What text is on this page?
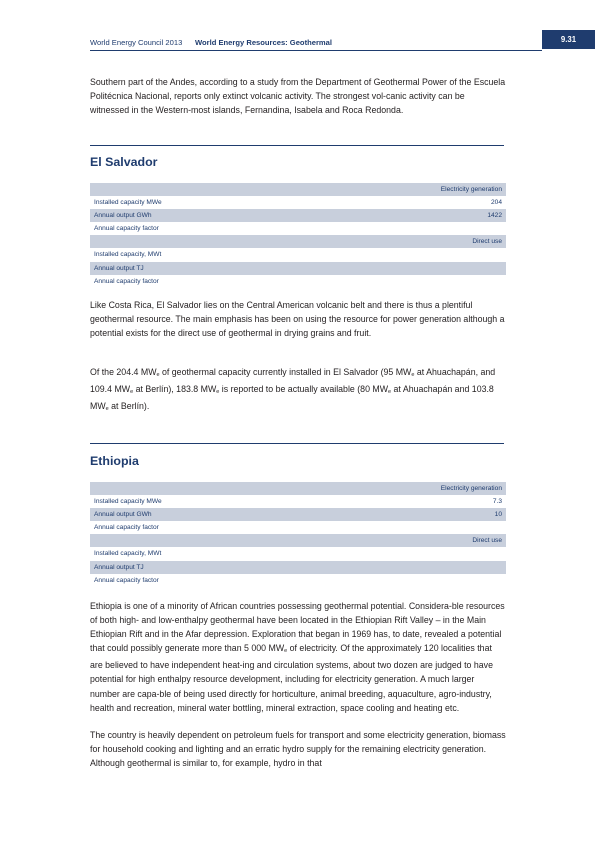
World Energy Council 2013 World Energy Resources: Geothermal	9.31

Southern part of the Andes, according to a study from the Department of Geothermal Power of the Escuela Politécnica Nacional, reports only extinct volcanic activity. The strongest vol-canic activity can be witnessed in the Western-most islands, Fernandina, Isabela and Roca Redonda.

El Salvador
Electricity generation
Installed capacity MWe	204
Annual output GWh	1422
Annual capacity factor
Direct use
Installed capacity, MWt
Annual output TJ
Annual capacity factor

Like Costa Rica, El Salvador lies on the Central American volcanic belt and there is thus a plentiful geothermal resource. The main emphasis has been on using the resource for power generation although a potential exists for the direct use of geothermal in drying grains and fruit.

Of the 204.4 $MW_e$ of geothermal capacity currently installed in El Salvador (95 $MW_e$ at Ahuachapán, and 109.4 $MW_e$ at Berlín), 183.8 $MW_e$ is reported to be actually available (80 $MW_e$ at Ahuachapán and 103.8 $MW_e$ at Berlín).

Ethiopia
Electricity generation
Installed capacity MWe	7.3
Annual output GWh	10
Annual capacity factor
Direct use
Installed capacity, MWt
Annual output TJ
Annual capacity factor

Ethiopia is one of a minority of African countries possessing geothermal potential. Considera-ble resources of both high- and low-enthalpy geothermal have been located in the Ethiopian Rift Valley – in the Main Ethiopian Rift and in the Afar depression. Exploration that began in 1969 has, to date, revealed a potential that could possibly generate more than 5 000 $MW_e$ of electricity. Of the approximately 120 localities that are believed to have independent heat-ing and circulation systems, about two dozen are judged to have potential for high enthalpy resource development, including for electricity generation. A much larger number are capa-ble of being used directly for horticulture, animal breeding, aquaculture, agro-industry, health and recreation, mineral water bottling, mineral extraction, space cooling and heating etc.

The country is heavily dependent on petroleum fuels for transport and some electricity generation, biomass for household cooking and lighting and an erratic hydro supply for the remaining electricity generation. Although geothermal is similar to, for example, hydro in that
